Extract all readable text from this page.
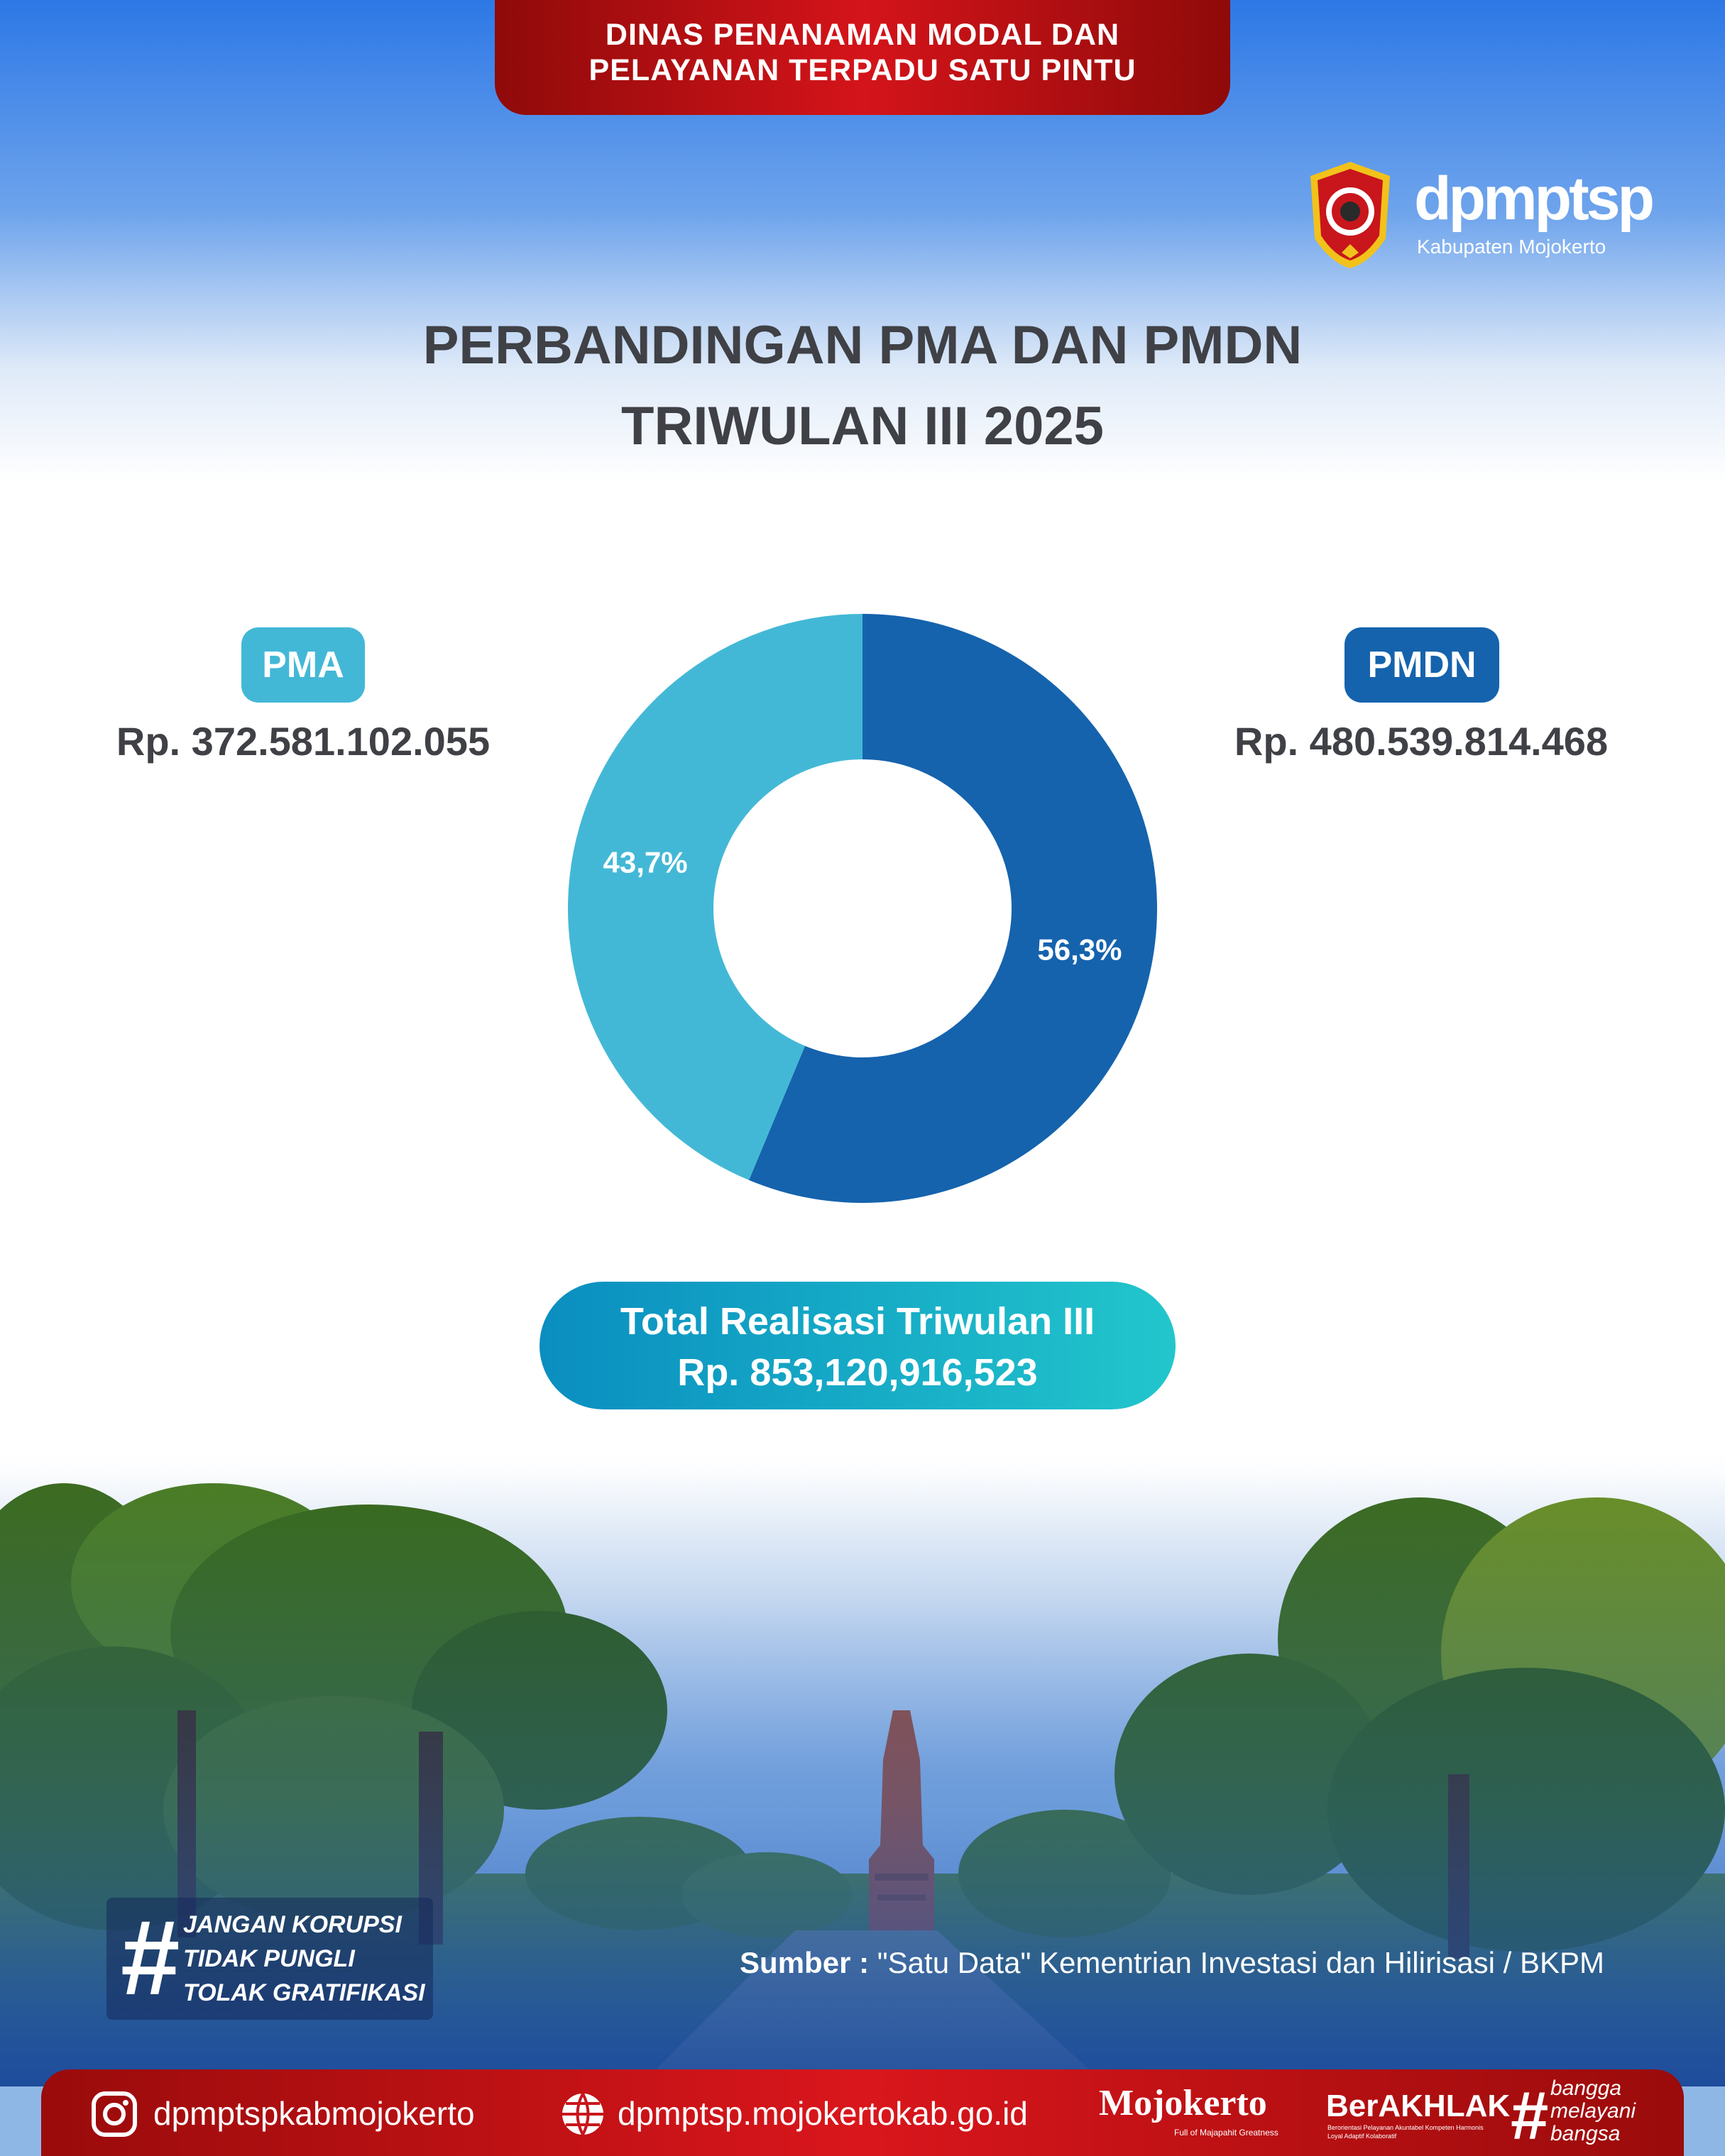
DINAS PENANAMAN MODAL DAN
PELAYANAN TERPADU SATU PINTU
dpmptsp
Kabupaten Mojokerto
PERBANDINGAN PMA DAN PMDN
TRIWULAN III 2025
PMA
Rp. 372.581.102.055
PMDN
Rp. 480.539.814.468
56,3%
43,7%
Total Realisasi Triwulan III
Rp. 853,120,916,523
# JANGAN KORUPSI
TIDAK PUNGLI
TOLAK GRATIFIKASI
Sumber : "Satu Data" Kementrian Investasi dan Hilirisasi / BKPM
dpmptspkabmojokerto	dpmptsp.mojokertokab.go.id Mojokerto
Full of Majapahit Greatness
BerAKHLAK
Berorientasi Pelayanan Akuntabel Kompeten Harmonis Loyal Adaptif Kolaboratif	# bangga
melayani
bangsa
